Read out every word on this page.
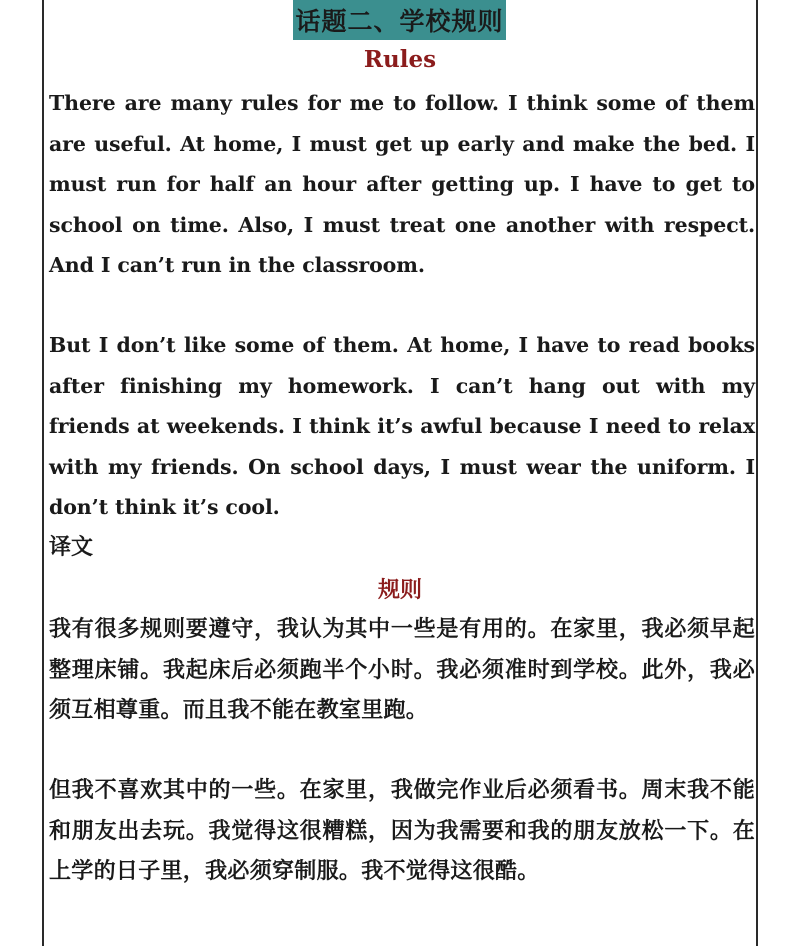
话题二、学校规则
Rules
There are many rules for me to follow. I think some of them are useful. At home, I must get up early and make the bed. I must run for half an hour after getting up. I have to get to school on time. Also, I must treat one another with respect. And I can’t run in the classroom.
But I don’t like some of them. At home, I have to read books after finishing my homework. I can’t hang out with my friends at weekends. I think it’s awful because I need to relax with my friends. On school days, I must wear the uniform. I don’t think it’s cool.
译文
规则
我有很多规则要遵守，我认为其中一些是有用的。在家里，我必须早起整理床铺。我起床后必须跑半个小时。我必须准时到学校。此外，我必须互相尊重。而且我不能在教室里跑。
但我不喜欢其中的一些。在家里，我做完作业后必须看书。周末我不能和朋友出去玩。我觉得这很糟糕，因为我需要和我的朋友放松一下。在上学的日子里，我必须穿制服。我不觉得这很酷。
